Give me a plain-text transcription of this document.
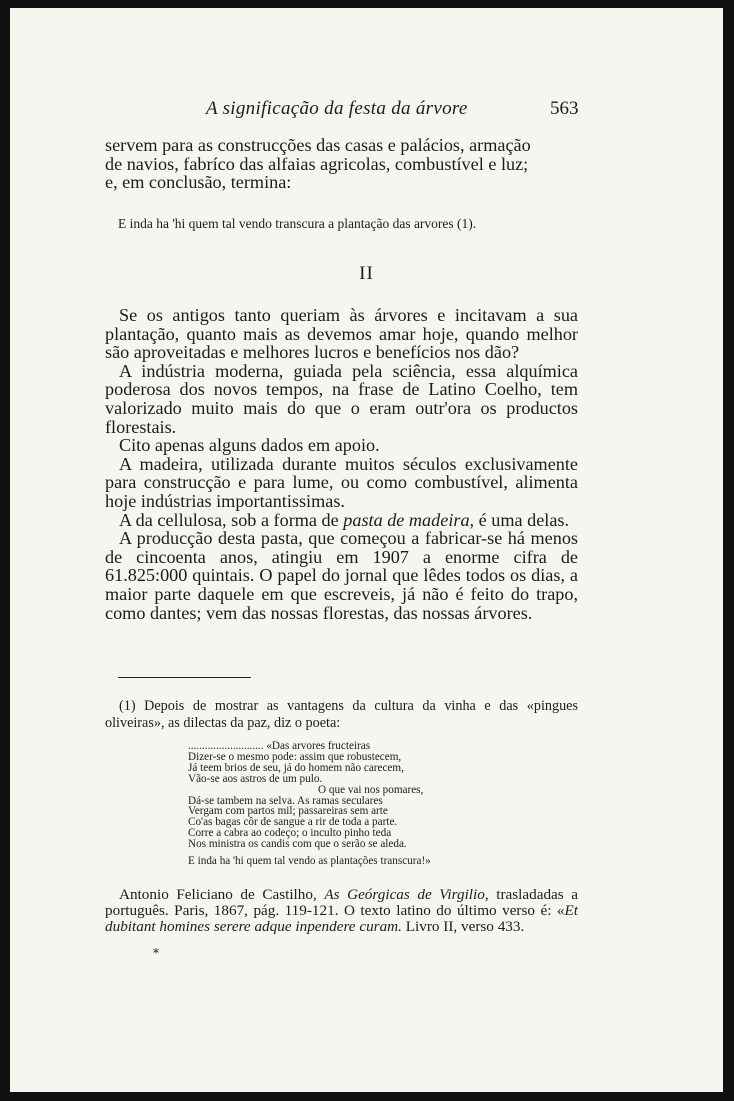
A significação da festa da árvore	563

servem para as construcções das casas e palácios, armação

de navios, fabríco das alfaias agricolas, combustível e luz;

e, em conclusão, termina:

E inda ha 'hi quem tal vendo transcura a plantação das arvores (1).
II

Se os antigos tanto queriam às árvores e incitavam a sua plantação, quanto mais as devemos amar hoje, quando melhor são aproveitadas e melhores lucros e benefícios nos dão?

A indústria moderna, guiada pela sciência, essa alquímica poderosa dos novos tempos, na frase de Latino Coelho, tem valorizado muito mais do que o eram outr'ora os productos florestais.

Cito apenas alguns dados em apoio.

A madeira, utilizada durante muitos séculos exclusivamente para construcção e para lume, ou como combustível, alimenta hoje indústrias importantissimas.

A da cellulosa, sob a forma de pasta de madeira, é uma delas.

A producção desta pasta, que começou a fabricar-se há menos de cincoenta anos, atingiu em 1907 a enorme cifra de 61.825:000 quintais. O papel do jornal que lêdes todos os dias, a maior parte daquele em que escreveis, já não é feito do trapo, como dantes; vem das nossas florestas, das nossas árvores.

(1) Depois de mostrar as vantagens da cultura da vinha e das «pingues oliveiras», as dilectas da paz, diz o poeta:

........................... «Das arvores fructeiras
Dizer-se o mesmo pode: assim que robustecem,
Já teem brios de seu, já do homem não carecem,
Vão-se aos astros de um pulo.
O que vai nos pomares,
Dá-se tambem na selva. As ramas seculares
Vergam com partos mil; passareiras sem arte
Co'as bagas côr de sangue a rir de toda a parte.
Corre a cabra ao codeço; o inculto pinho teda
Nos ministra os candis com que o serão se aleda.
E inda ha 'hi quem tal vendo as plantações transcura!»

Antonio Feliciano de Castilho, As Geórgicas de Virgilio, trasladadas a português. Paris, 1867, pág. 119-121. O texto latino do último verso é: «Et dubitant homines serere adque inpendere curam. Livro II, verso 433.

*
